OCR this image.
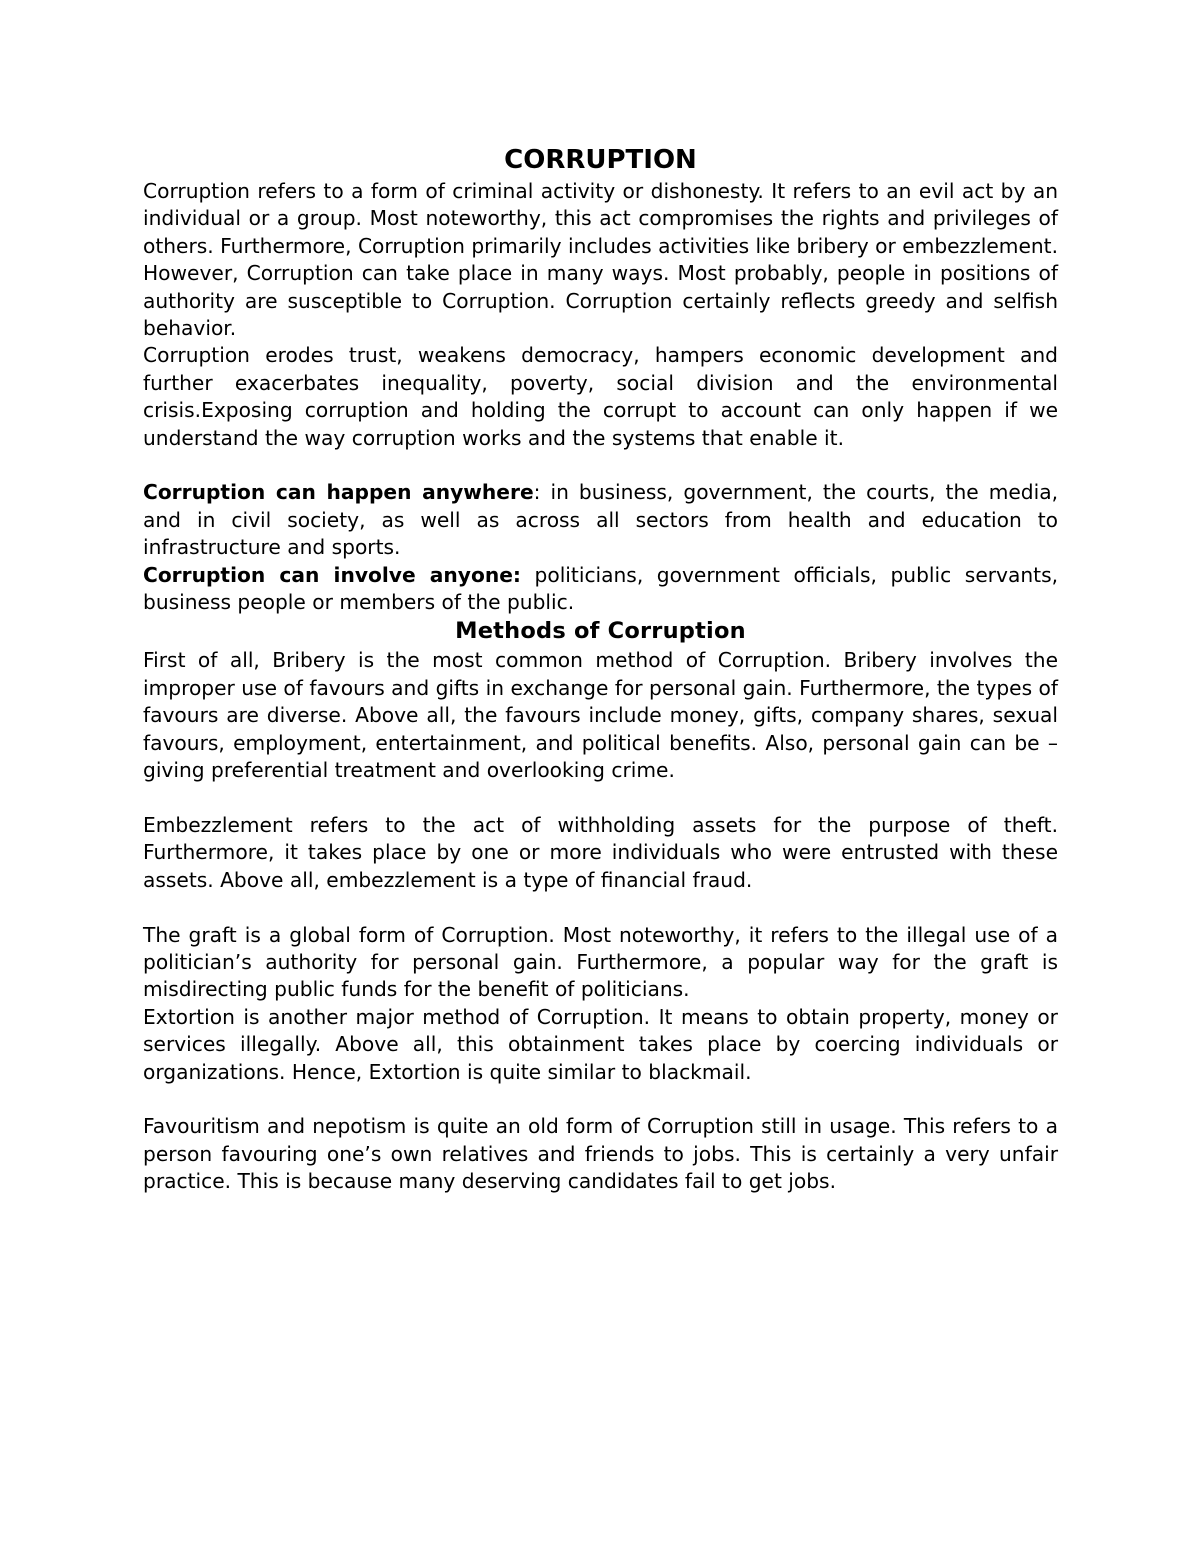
CORRUPTION

Corruption refers to a form of criminal activity or dishonesty. It refers to an evil act by an individual or a group. Most noteworthy, this act compromises the rights and privileges of others. Furthermore, Corruption primarily includes activities like bribery or embezzlement. However, Corruption can take place in many ways. Most probably, people in positions of authority are susceptible to Corruption. Corruption certainly reflects greedy and selfish behavior.

Corruption erodes trust, weakens democracy, hampers economic development and further exacerbates inequality, poverty, social division and the environmental crisis.Exposing corruption and holding the corrupt to account can only happen if we understand the way corruption works and the systems that enable it.

Corruption can happen anywhere: in business, government, the courts, the media, and in civil society, as well as across all sectors from health and education to infrastructure and sports.

Corruption can involve anyone: politicians, government officials, public servants, business people or members of the public.

Methods of Corruption

First of all, Bribery is the most common method of Corruption. Bribery involves the improper use of favours and gifts in exchange for personal gain. Furthermore, the types of favours are diverse. Above all, the favours include money, gifts, company shares, sexual favours, employment, entertainment, and political benefits. Also, personal gain can be – giving preferential treatment and overlooking crime.

Embezzlement refers to the act of withholding assets for the purpose of theft. Furthermore, it takes place by one or more individuals who were entrusted with these assets. Above all, embezzlement is a type of financial fraud.

The graft is a global form of Corruption. Most noteworthy, it refers to the illegal use of a politician’s authority for personal gain. Furthermore, a popular way for the graft is misdirecting public funds for the benefit of politicians.

Extortion is another major method of Corruption. It means to obtain property, money or services illegally. Above all, this obtainment takes place by coercing individuals or organizations. Hence, Extortion is quite similar to blackmail.

Favouritism and nepotism is quite an old form of Corruption still in usage. This refers to a person favouring one’s own relatives and friends to jobs. This is certainly a very unfair practice. This is because many deserving candidates fail to get jobs.
